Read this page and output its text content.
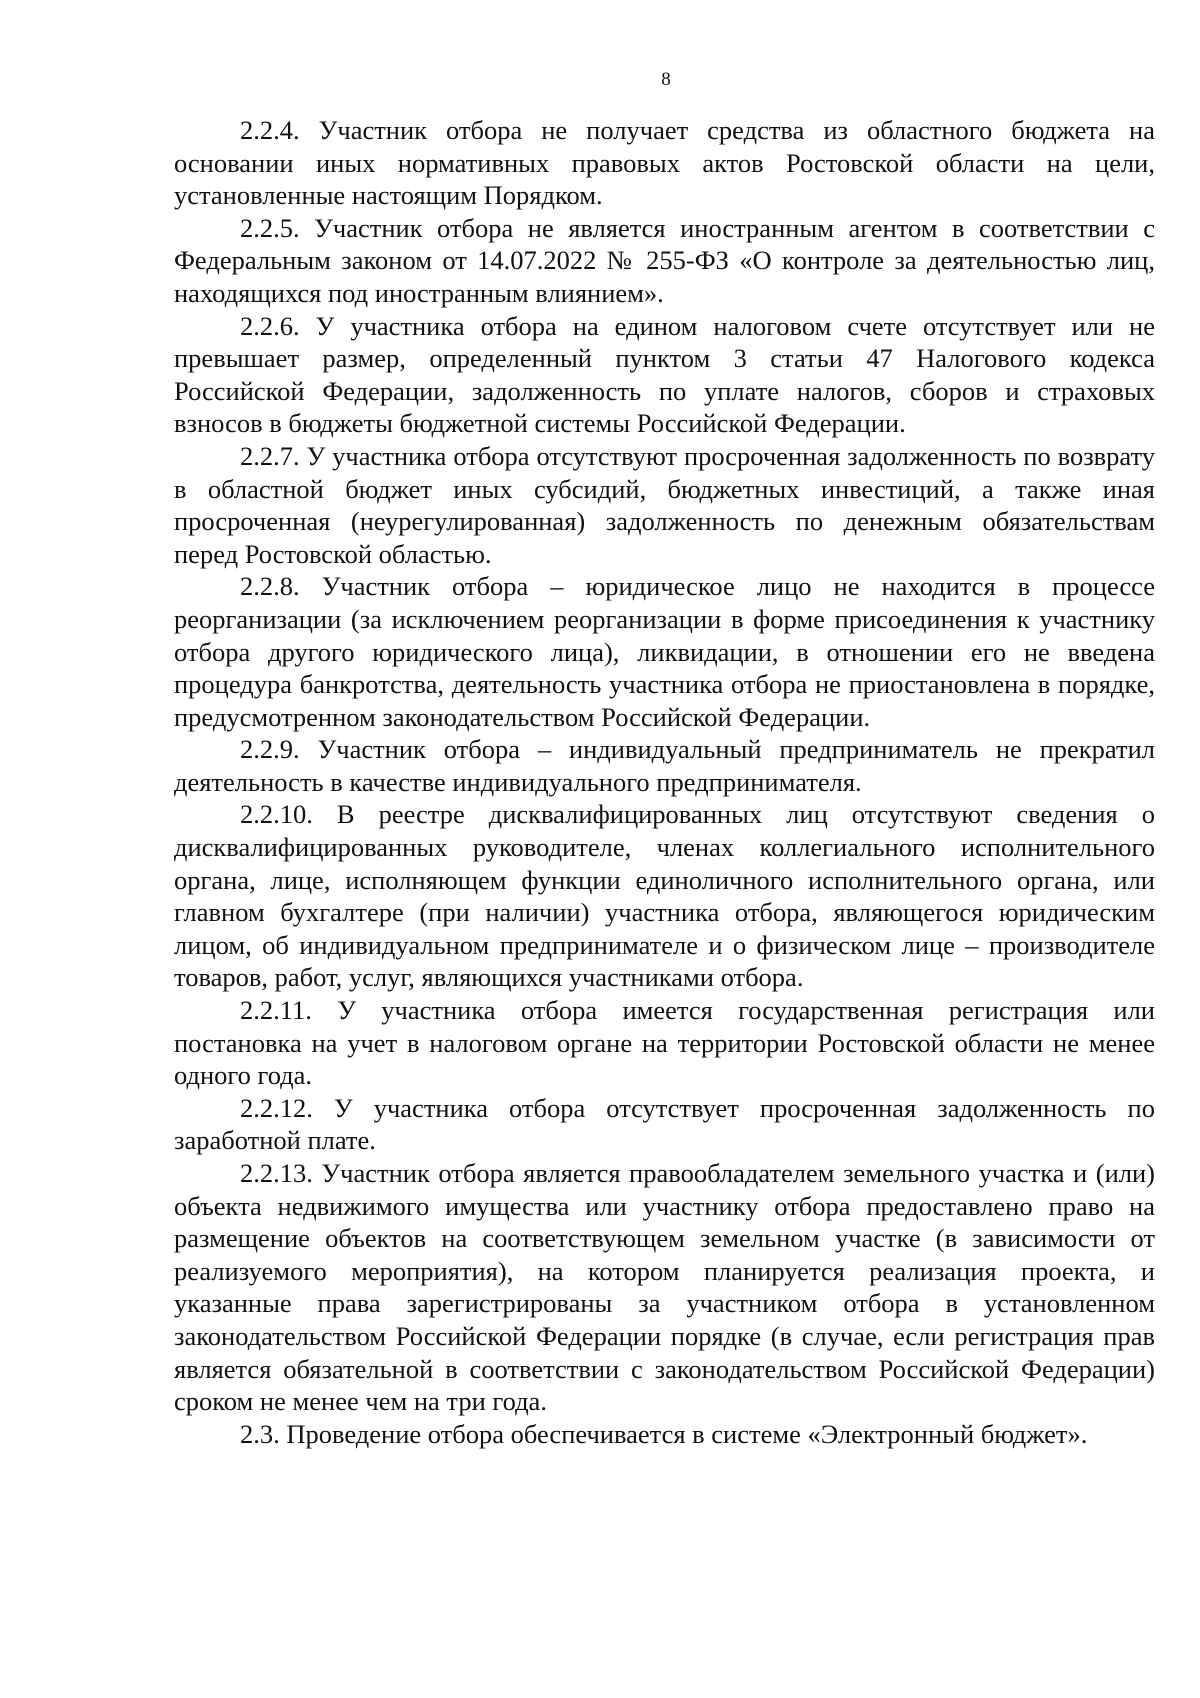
8

2.2.4. Участник отбора не получает средства из областного бюджета на основании иных нормативных правовых актов Ростовской области на цели, установленные настоящим Порядком.

2.2.5. Участник отбора не является иностранным агентом в соответствии с Федеральным законом от 14.07.2022 № 255-ФЗ «О контроле за деятельностью лиц, находящихся под иностранным влиянием».

2.2.6. У участника отбора на едином налоговом счете отсутствует или не превышает размер, определенный пунктом 3 статьи 47 Налогового кодекса Российской Федерации, задолженность по уплате налогов, сборов и страховых взносов в бюджеты бюджетной системы Российской Федерации.

2.2.7. У участника отбора отсутствуют просроченная задолженность по возврату в областной бюджет иных субсидий, бюджетных инвестиций, а также иная просроченная (неурегулированная) задолженность по денежным обязательствам перед Ростовской областью.

2.2.8. Участник отбора – юридическое лицо не находится в процессе реорганизации (за исключением реорганизации в форме присоединения к участнику отбора другого юридического лица), ликвидации, в отношении его не введена процедура банкротства, деятельность участника отбора не приостановлена в порядке, предусмотренном законодательством Российской Федерации.

2.2.9. Участник отбора – индивидуальный предприниматель не прекратил деятельность в качестве индивидуального предпринимателя.

2.2.10. В реестре дисквалифицированных лиц отсутствуют сведения о дисквалифицированных руководителе, членах коллегиального исполнительного органа, лице, исполняющем функции единоличного исполнительного органа, или главном бухгалтере (при наличии) участника отбора, являющегося юридическим лицом, об индивидуальном предпринимателе и о физическом лице – производителе товаров, работ, услуг, являющихся участниками отбора.

2.2.11. У участника отбора имеется государственная регистрация или постановка на учет в налоговом органе на территории Ростовской области не менее одного года.

2.2.12. У участника отбора отсутствует просроченная задолженность по заработной плате.

2.2.13. Участник отбора является правообладателем земельного участка и (или) объекта недвижимого имущества или участнику отбора предоставлено право на размещение объектов на соответствующем земельном участке (в зависимости от реализуемого мероприятия), на котором планируется реализация проекта, и указанные права зарегистрированы за участником отбора в установленном законодательством Российской Федерации порядке (в случае, если регистрация прав является обязательной в соответствии с законодательством Российской Федерации) сроком не менее чем на три года.

2.3. Проведение отбора обеспечивается в системе «Электронный бюджет».
